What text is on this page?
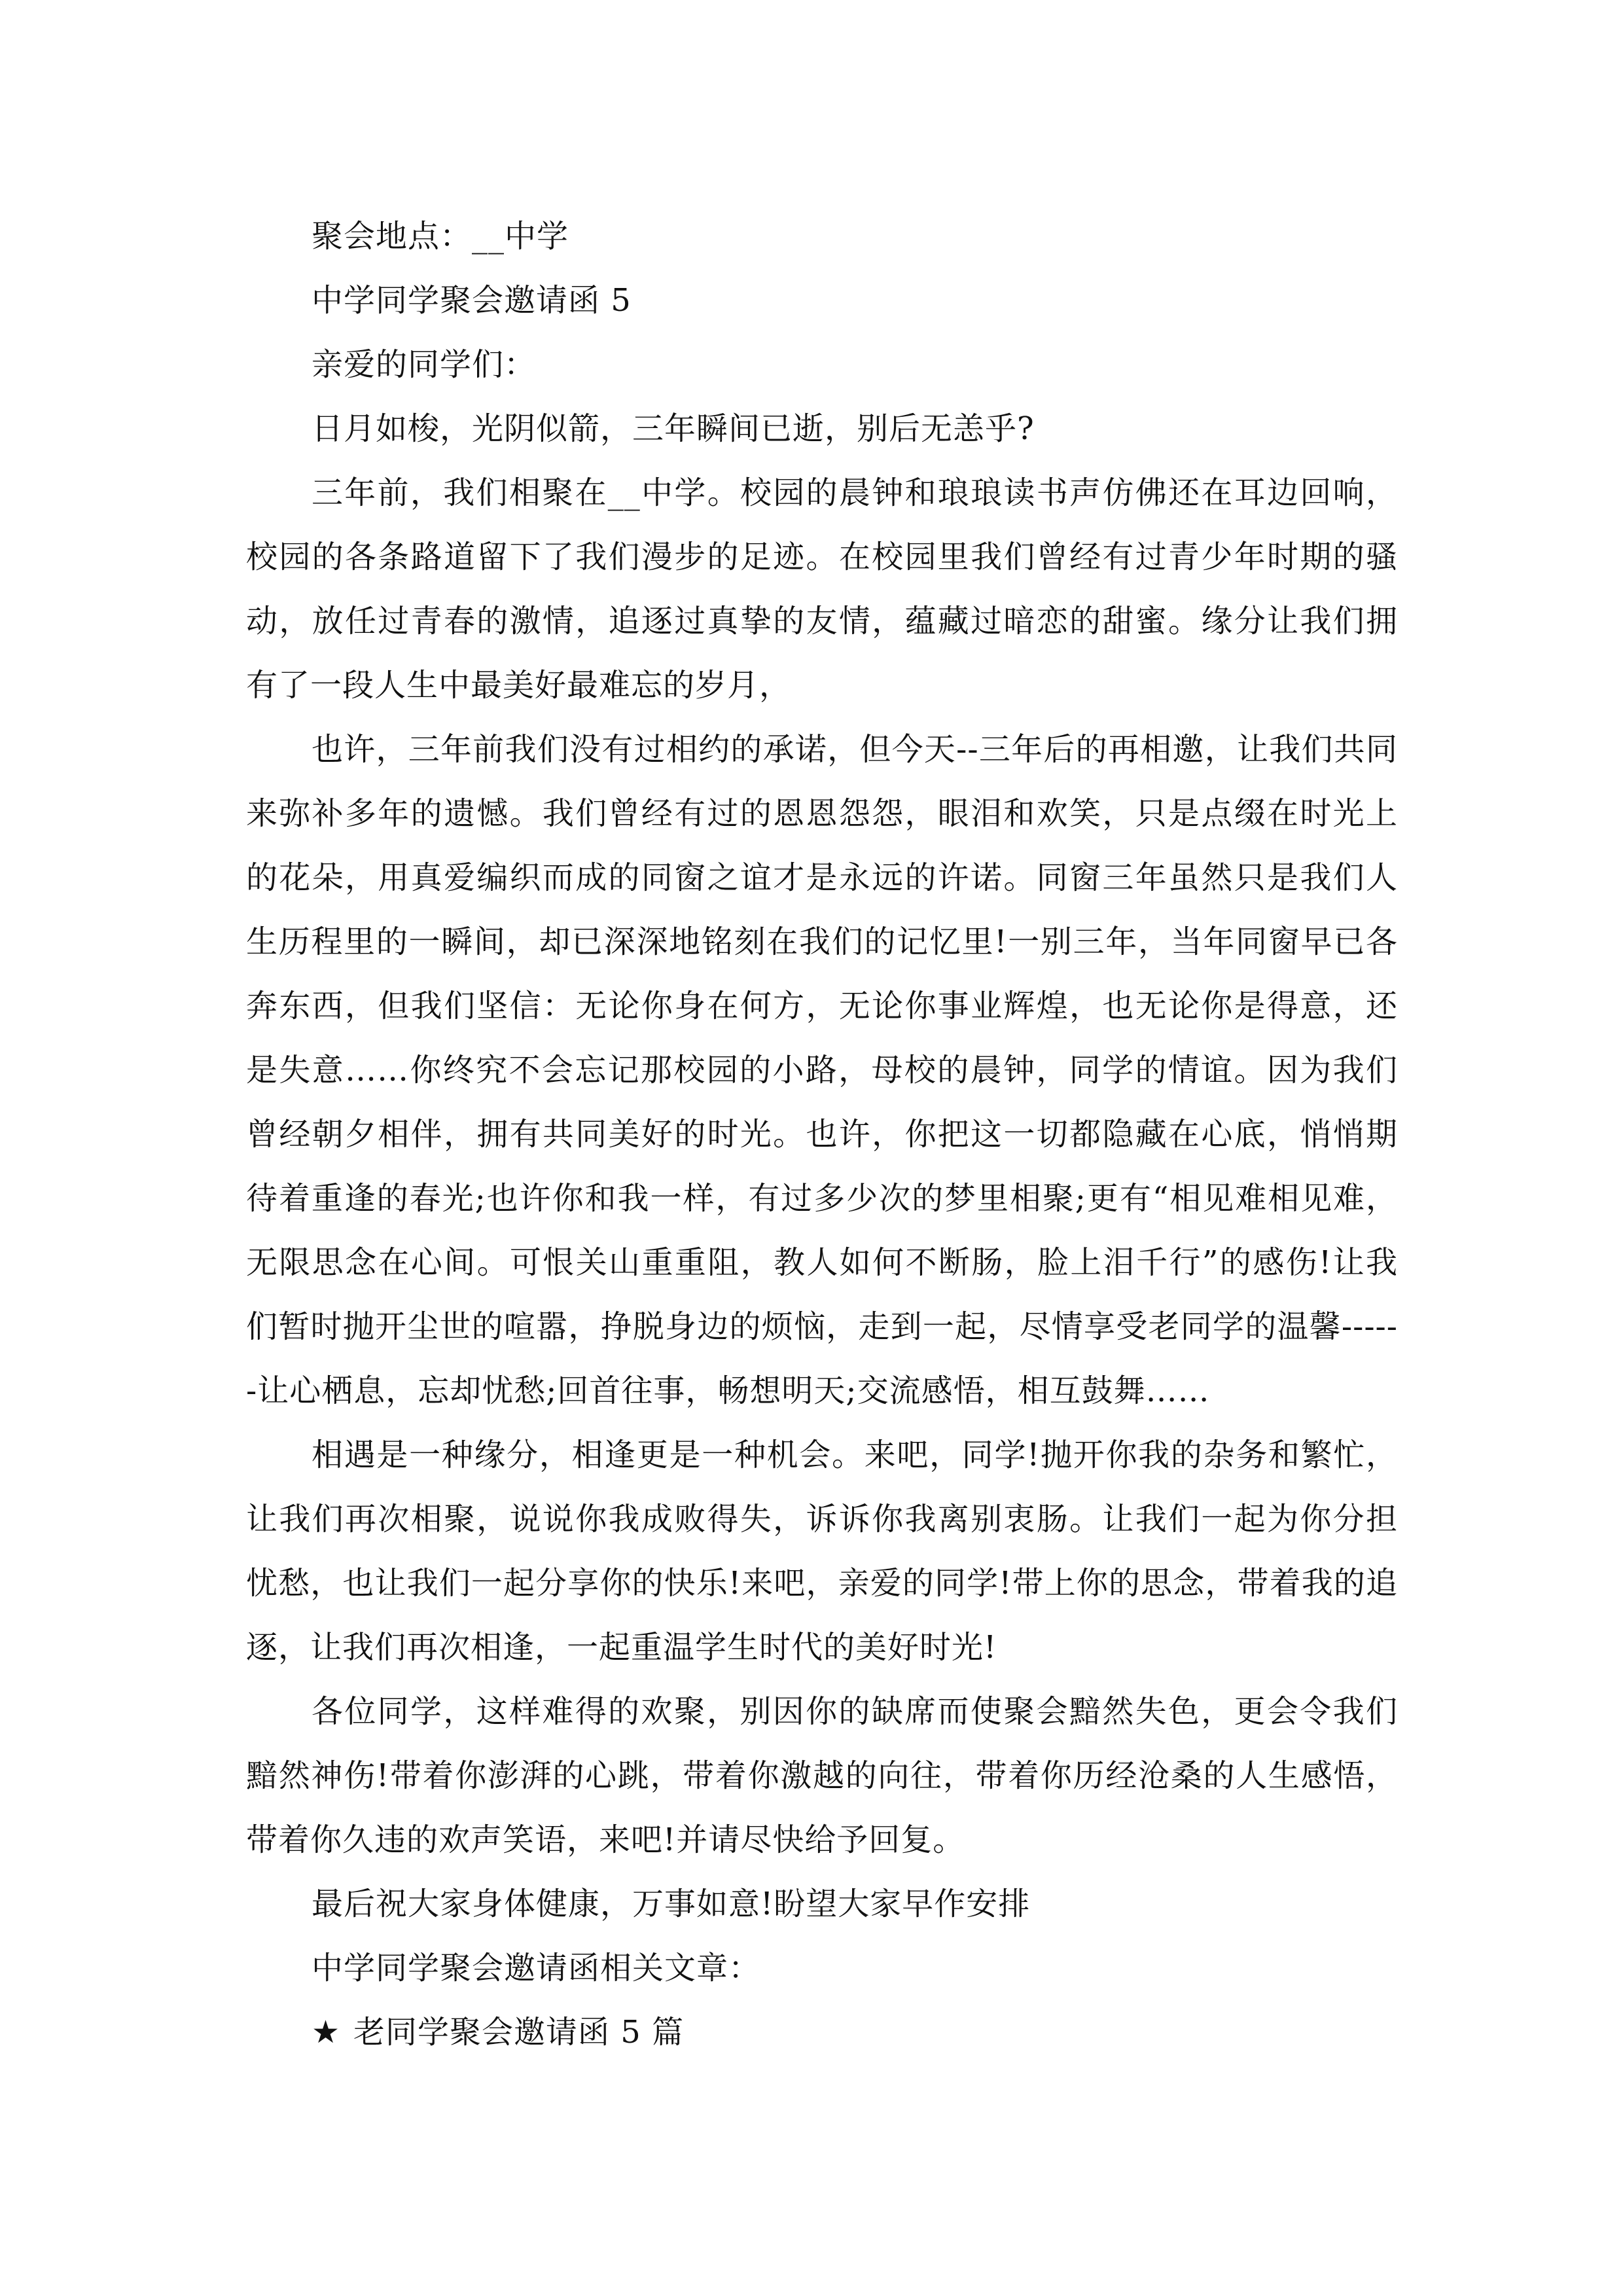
聚会地点：__中学

中学同学聚会邀请函 5

亲爱的同学们：

日月如梭，光阴似箭，三年瞬间已逝，别后无恙乎?

三年前，我们相聚在__中学。校园的晨钟和琅琅读书声仿佛还在耳边回响，校园的各条路道留下了我们漫步的足迹。在校园里我们曾经有过青少年时期的骚动，放任过青春的激情，追逐过真挚的友情，蕴藏过暗恋的甜蜜。缘分让我们拥有了一段人生中最美好最难忘的岁月，

也许，三年前我们没有过相约的承诺，但今天--三年后的再相邀，让我们共同来弥补多年的遗憾。我们曾经有过的恩恩怨怨，眼泪和欢笑，只是点缀在时光上的花朵，用真爱编织而成的同窗之谊才是永远的许诺。同窗三年虽然只是我们人生历程里的一瞬间，却已深深地铭刻在我们的记忆里!一别三年，当年同窗早已各奔东西，但我们坚信：无论你身在何方，无论你事业辉煌，也无论你是得意，还是失意……你终究不会忘记那校园的小路，母校的晨钟，同学的情谊。因为我们曾经朝夕相伴，拥有共同美好的时光。也许，你把这一切都隐藏在心底，悄悄期待着重逢的春光;也许你和我一样，有过多少次的梦里相聚;更有“相见难相见难，无限思念在心间。可恨关山重重阻，教人如何不断肠，脸上泪千行”的感伤!让我们暂时抛开尘世的喧嚣，挣脱身边的烦恼，走到一起，尽情享受老同学的温馨------让心栖息，忘却忧愁;回首往事，畅想明天;交流感悟，相互鼓舞……

相遇是一种缘分，相逢更是一种机会。来吧，同学!抛开你我的杂务和繁忙，让我们再次相聚，说说你我成败得失，诉诉你我离别衷肠。让我们一起为你分担忧愁，也让我们一起分享你的快乐!来吧，亲爱的同学!带上你的思念，带着我的追逐，让我们再次相逢，一起重温学生时代的美好时光!

各位同学，这样难得的欢聚，别因你的缺席而使聚会黯然失色，更会令我们黯然神伤!带着你澎湃的心跳，带着你激越的向往，带着你历经沧桑的人生感悟，带着你久违的欢声笑语，来吧!并请尽快给予回复。

最后祝大家身体健康，万事如意!盼望大家早作安排

中学同学聚会邀请函相关文章：

★ 老同学聚会邀请函 5 篇
